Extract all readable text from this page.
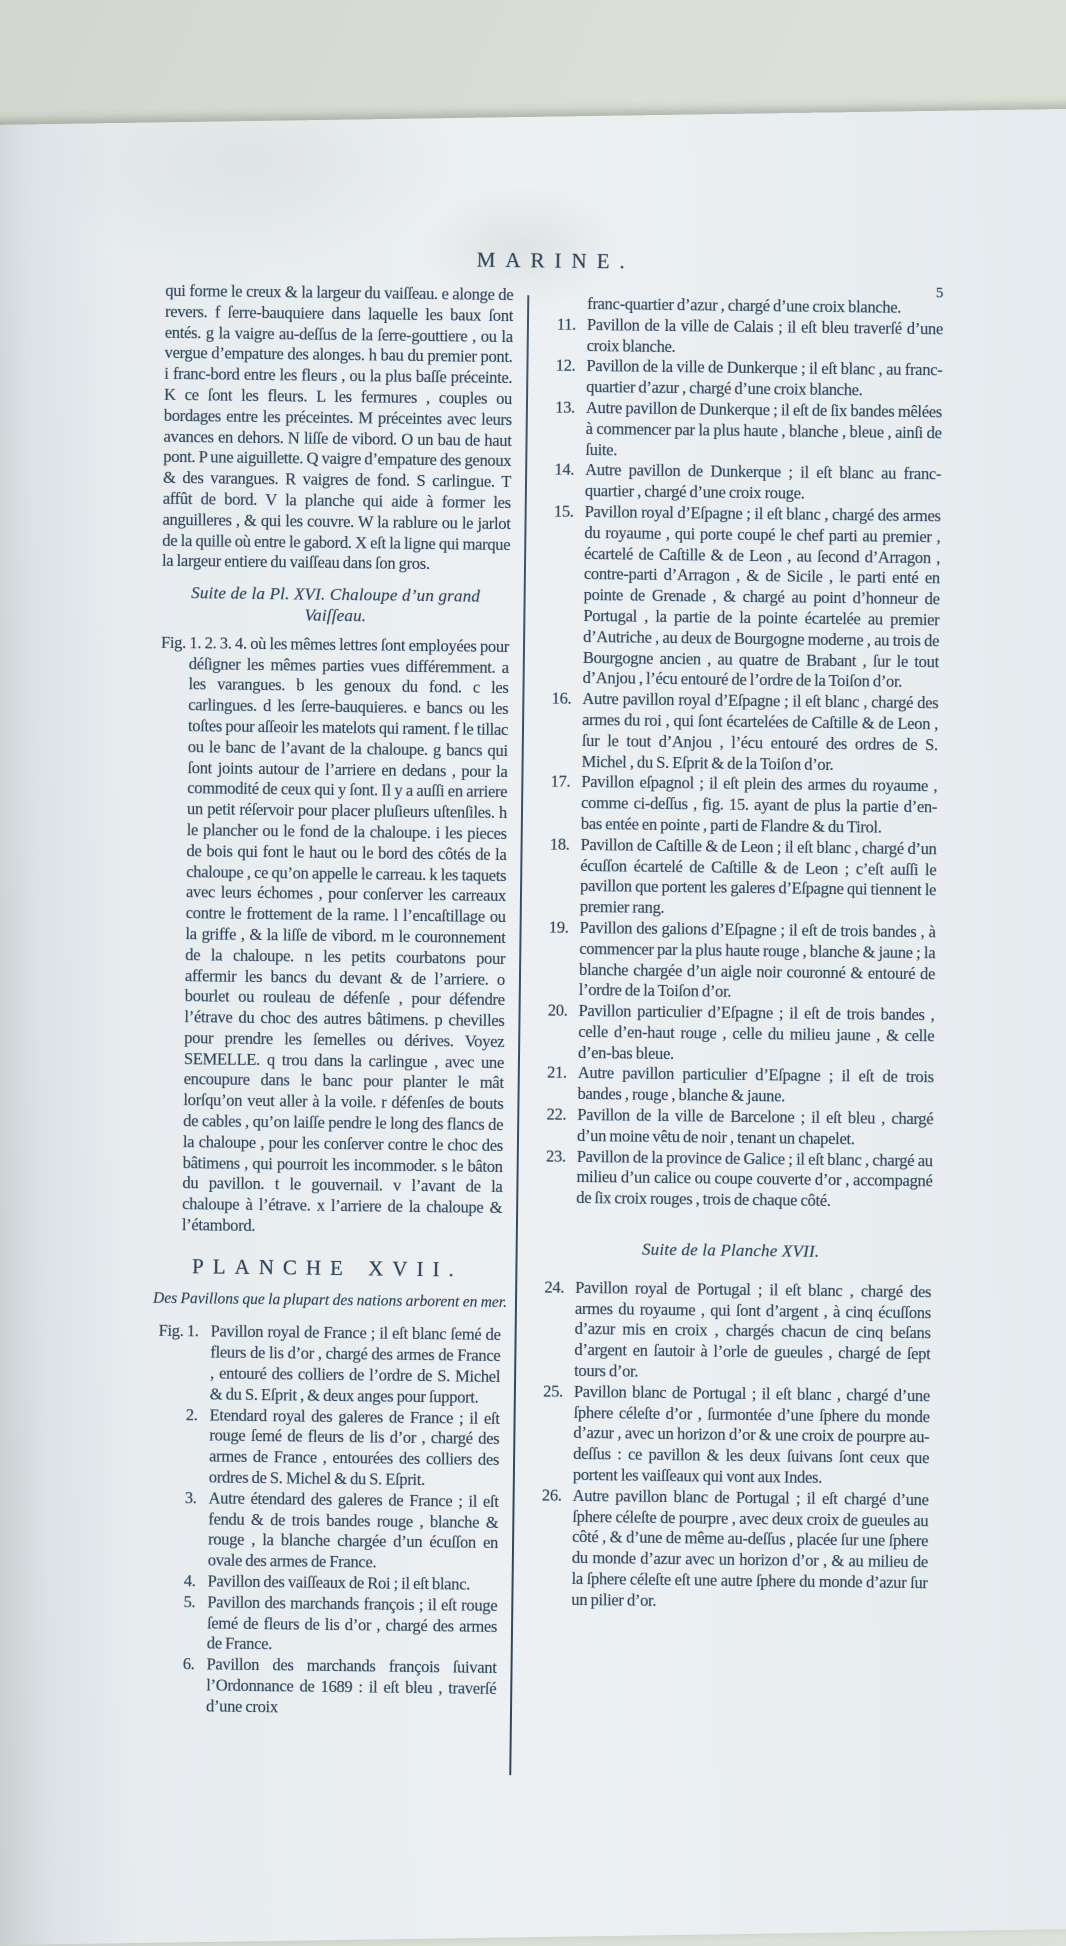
MARINE.
5

qui forme le creux & la largeur du vaiſſeau. e alonge de revers. f ſerre-bauquiere dans laquelle les baux ſont entés. g la vaigre au-deſſus de la ſerre-gouttiere , ou la vergue d’empature des alonges. h bau du premier pont. i franc-bord entre les fleurs , ou la plus baſſe préceinte. K ce ſont les fleurs. L les fermures , couples ou bordages entre les préceintes. M préceintes avec leurs avances en dehors. N liſſe de vibord. O un bau de haut pont. P une aiguillette. Q vaigre d’empature des genoux & des varangues. R vaigres de fond. S carlingue. T affût de bord. V la planche qui aide à former les anguilleres , & qui les couvre. W la rablure ou le jarlot de la quille où entre le gabord. X eſt la ligne qui marque la largeur entiere du vaiſſeau dans ſon gros.

Suite de la Pl. XVI. Chaloupe d’un grand Vaiſſeau.

Fig. 1. 2. 3. 4. où les mêmes lettres ſont employées pour déſigner les mêmes parties vues différemment. a les varangues. b les genoux du fond. c les carlingues. d les ſerre-bauquieres. e bancs ou les toſtes pour aſſeoir les matelots qui rament. f le tillac ou le banc de l’avant de la chaloupe. g bancs qui ſont joints autour de l’arriere en dedans , pour la commodité de ceux qui y ſont. Il y a auſſi en arriere un petit réſervoir pour placer pluſieurs uſtenſiles. h le plancher ou le fond de la chaloupe. i les pieces de bois qui font le haut ou le bord des côtés de la chaloupe , ce qu’on appelle le carreau. k les taquets avec leurs échomes , pour conſerver les carreaux contre le frottement de la rame. l l’encaſtillage ou la griffe , & la liſſe de vibord. m le couronnement de la chaloupe. n les petits courbatons pour affermir les bancs du devant & de l’arriere. o bourlet ou rouleau de défenſe , pour défendre l’étrave du choc des autres bâtimens. p chevilles pour prendre les ſemelles ou dérives. Voyez SEMELLE. q trou dans la carlingue , avec une encoupure dans le banc pour planter le mât lorſqu’on veut aller à la voile. r défenſes de bouts de cables , qu’on laiſſe pendre le long des flancs de la chaloupe , pour les conſerver contre le choc des bâtimens , qui pourroit les incommoder. s le bâton du pavillon. t le gouvernail. v l’avant de la chaloupe à l’étrave. x l’arriere de la chaloupe & l’étambord.

PLANCHE XVII.
Des Pavillons que la plupart des nations arborent en mer.
Fig. 1. Pavillon royal de France ; il eſt blanc ſemé de fleurs de lis d’or , chargé des armes de France , entouré des colliers de l’ordre de S. Michel & du S. Eſprit , & deux anges pour ſupport.
2. Etendard royal des galeres de France ; il eſt rouge ſemé de fleurs de lis d’or , chargé des armes de France , entourées des colliers des ordres de S. Michel & du S. Eſprit.
3. Autre étendard des galeres de France ; il eſt fendu & de trois bandes rouge , blanche & rouge , la blanche chargée d’un écuſſon en ovale des armes de France.
4. Pavillon des vaiſſeaux de Roi ; il eſt blanc.
5. Pavillon des marchands françois ; il eſt rouge ſemé de fleurs de lis d’or , chargé des armes de France.
6. Pavillon des marchands françois ſuivant l’Ordonnance de 1689 : il eſt bleu , traverſé d’une croix

franc-quartier d’azur , chargé d’une croix blanche.

11. Pavillon de la ville de Calais ; il eſt bleu traverſé d’une croix blanche.
12. Pavillon de la ville de Dunkerque ; il eſt blanc , au franc-quartier d’azur , chargé d’une croix blanche.
13. Autre pavillon de Dunkerque ; il eſt de ſix bandes mêlées à commencer par la plus haute , blanche , bleue , ainſi de ſuite.
14. Autre pavillon de Dunkerque ; il eſt blanc au franc-quartier , chargé d’une croix rouge.
15. Pavillon royal d’Eſpagne ; il eſt blanc , chargé des armes du royaume , qui porte coupé le chef parti au premier , écartelé de Caſtille & de Leon , au ſecond d’Arragon , contre-parti d’Arragon , & de Sicile , le parti enté en pointe de Grenade , & chargé au point d’honneur de Portugal , la partie de la pointe écartelée au premier d’Autriche , au deux de Bourgogne moderne , au trois de Bourgogne ancien , au quatre de Brabant , ſur le tout d’Anjou , l’écu entouré de l’ordre de la Toiſon d’or.
16. Autre pavillon royal d’Eſpagne ; il eſt blanc , chargé des armes du roi , qui ſont écartelées de Caſtille & de Leon , ſur le tout d’Anjou , l’écu entouré des ordres de S. Michel , du S. Eſprit & de la Toiſon d’or.
17. Pavillon eſpagnol ; il eſt plein des armes du royaume , comme ci-deſſus , fig. 15. ayant de plus la partie d’en-bas entée en pointe , parti de Flandre & du Tirol.
18. Pavillon de Caſtille & de Leon ; il eſt blanc , chargé d’un écuſſon écartelé de Caſtille & de Leon ; c’eſt auſſi le pavillon que portent les galeres d’Eſpagne qui tiennent le premier rang.
19. Pavillon des galions d’Eſpagne ; il eſt de trois bandes , à commencer par la plus haute rouge , blanche & jaune ; la blanche chargée d’un aigle noir couronné & entouré de l’ordre de la Toiſon d’or.
20. Pavillon particulier d’Eſpagne ; il eſt de trois bandes , celle d’en-haut rouge , celle du milieu jaune , & celle d’en-bas bleue.
21. Autre pavillon particulier d’Eſpagne ; il eſt de trois bandes , rouge , blanche & jaune.
22. Pavillon de la ville de Barcelone ; il eſt bleu , chargé d’un moine vêtu de noir , tenant un chapelet.
23. Pavillon de la province de Galice ; il eſt blanc , chargé au milieu d’un calice ou coupe couverte d’or , accompagné de ſix croix rouges , trois de chaque côté.
Suite de la Planche XVII.
24. Pavillon royal de Portugal ; il eſt blanc , chargé des armes du royaume , qui ſont d’argent , à cinq écuſſons d’azur mis en croix , chargés chacun de cinq beſans d’argent en ſautoir à l’orle de gueules , chargé de ſept tours d’or.
25. Pavillon blanc de Portugal ; il eſt blanc , chargé d’une ſphere céleſte d’or , ſurmontée d’une ſphere du monde d’azur , avec un horizon d’or & une croix de pourpre au-deſſus : ce pavillon & les deux ſuivans ſont ceux que portent les vaiſſeaux qui vont aux Indes.
26. Autre pavillon blanc de Portugal ; il eſt chargé d’une ſphere céleſte de pourpre , avec deux croix de gueules au côté , & d’une de même au-deſſus , placée ſur une ſphere du monde d’azur avec un horizon d’or , & au milieu de la ſphere céleſte eſt une autre ſphere du monde d’azur ſur un pilier d’or.
